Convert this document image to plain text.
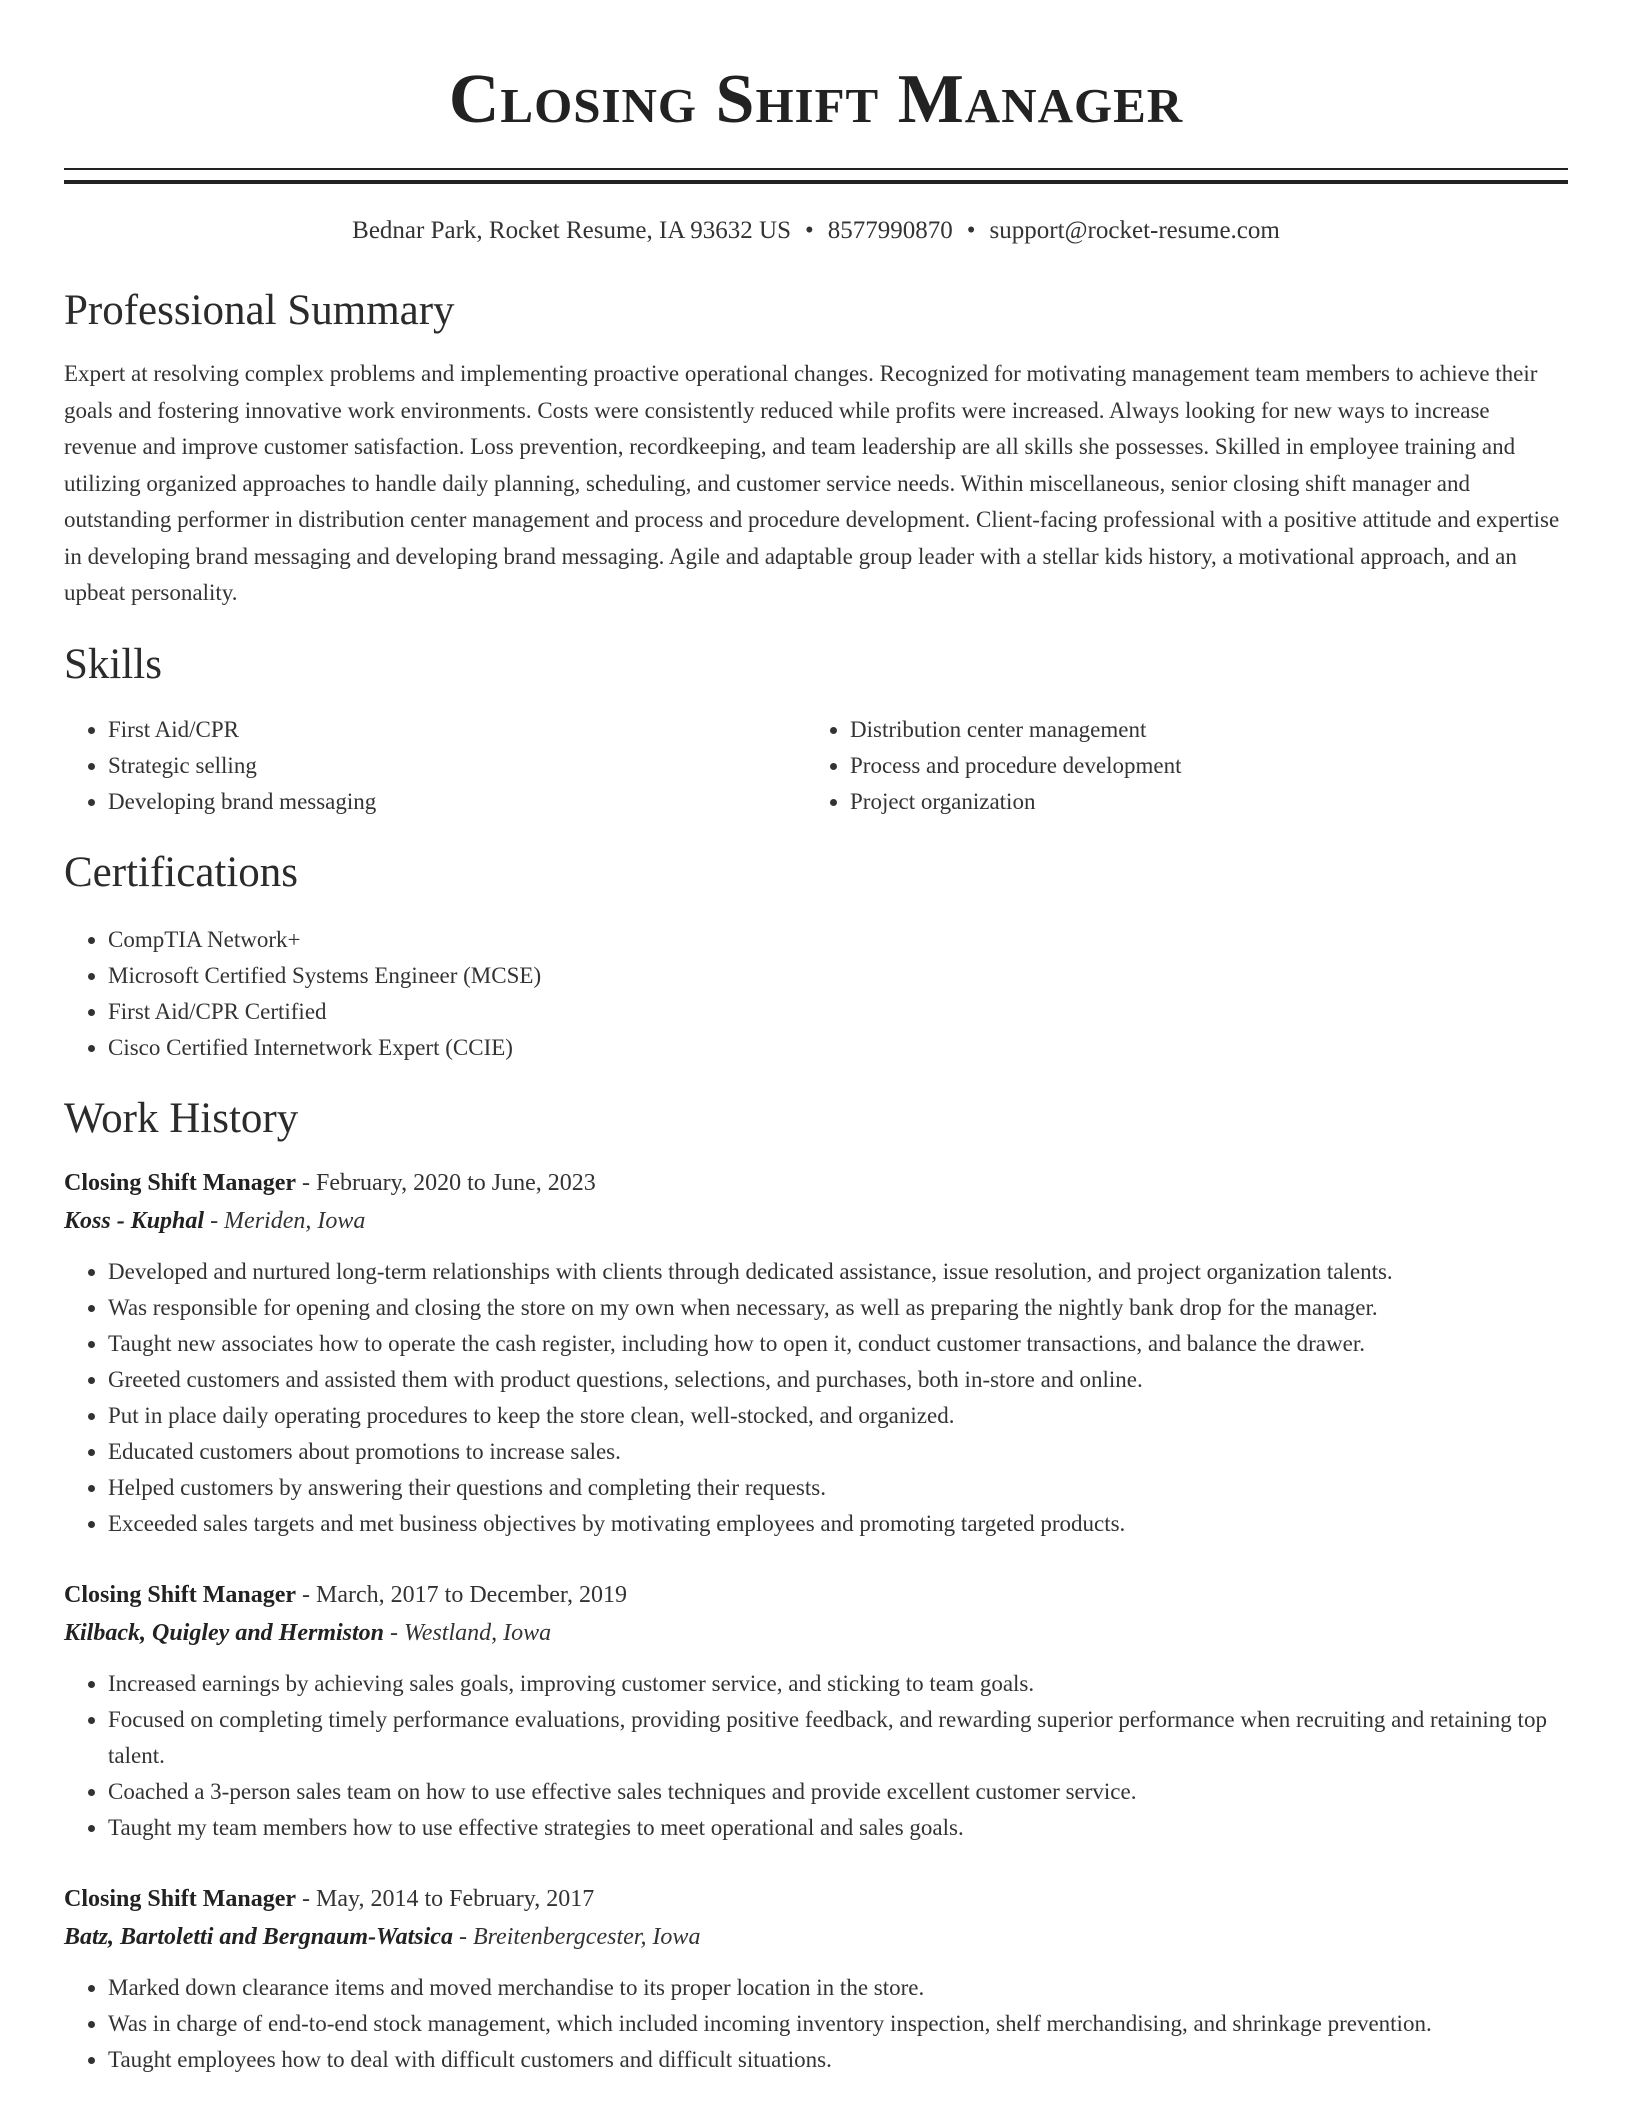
Closing Shift Manager
Bednar Park, Rocket Resume, IA 93632 US • 8577990870 • support@rocket-resume.com
Professional Summary

Expert at resolving complex problems and implementing proactive operational changes. Recognized for motivating management team members to achieve their goals and fostering innovative work environments. Costs were consistently reduced while profits were increased. Always looking for new ways to increase revenue and improve customer satisfaction. Loss prevention, recordkeeping, and team leadership are all skills she possesses. Skilled in employee training and utilizing organized approaches to handle daily planning, scheduling, and customer service needs. Within miscellaneous, senior closing shift manager and outstanding performer in distribution center management and process and procedure development. Client-facing professional with a positive attitude and expertise in developing brand messaging and developing brand messaging. Agile and adaptable group leader with a stellar kids history, a motivational approach, and an upbeat personality.

Skills
• First Aid/CPR
• Strategic selling
• Developing brand messaging
• Distribution center management
• Process and procedure development
• Project organization
Certifications
• CompTIA Network+
• Microsoft Certified Systems Engineer (MCSE)
• First Aid/CPR Certified
• Cisco Certified Internetwork Expert (CCIE)
Work History
Closing Shift Manager - February, 2020 to June, 2023
Koss - Kuphal - Meriden, Iowa
• Developed and nurtured long-term relationships with clients through dedicated assistance, issue resolution, and project organization talents.
• Was responsible for opening and closing the store on my own when necessary, as well as preparing the nightly bank drop for the manager.
• Taught new associates how to operate the cash register, including how to open it, conduct customer transactions, and balance the drawer.
• Greeted customers and assisted them with product questions, selections, and purchases, both in-store and online.
• Put in place daily operating procedures to keep the store clean, well-stocked, and organized.
• Educated customers about promotions to increase sales.
• Helped customers by answering their questions and completing their requests.
• Exceeded sales targets and met business objectives by motivating employees and promoting targeted products.
Closing Shift Manager - March, 2017 to December, 2019
Kilback, Quigley and Hermiston - Westland, Iowa
• Increased earnings by achieving sales goals, improving customer service, and sticking to team goals.
• Focused on completing timely performance evaluations, providing positive feedback, and rewarding superior performance when recruiting and retaining top talent.
• Coached a 3-person sales team on how to use effective sales techniques and provide excellent customer service.
• Taught my team members how to use effective strategies to meet operational and sales goals.
Closing Shift Manager - May, 2014 to February, 2017
Batz, Bartoletti and Bergnaum-Watsica - Breitenbergcester, Iowa
• Marked down clearance items and moved merchandise to its proper location in the store.
• Was in charge of end-to-end stock management, which included incoming inventory inspection, shelf merchandising, and shrinkage prevention.
• Taught employees how to deal with difficult customers and difficult situations.
